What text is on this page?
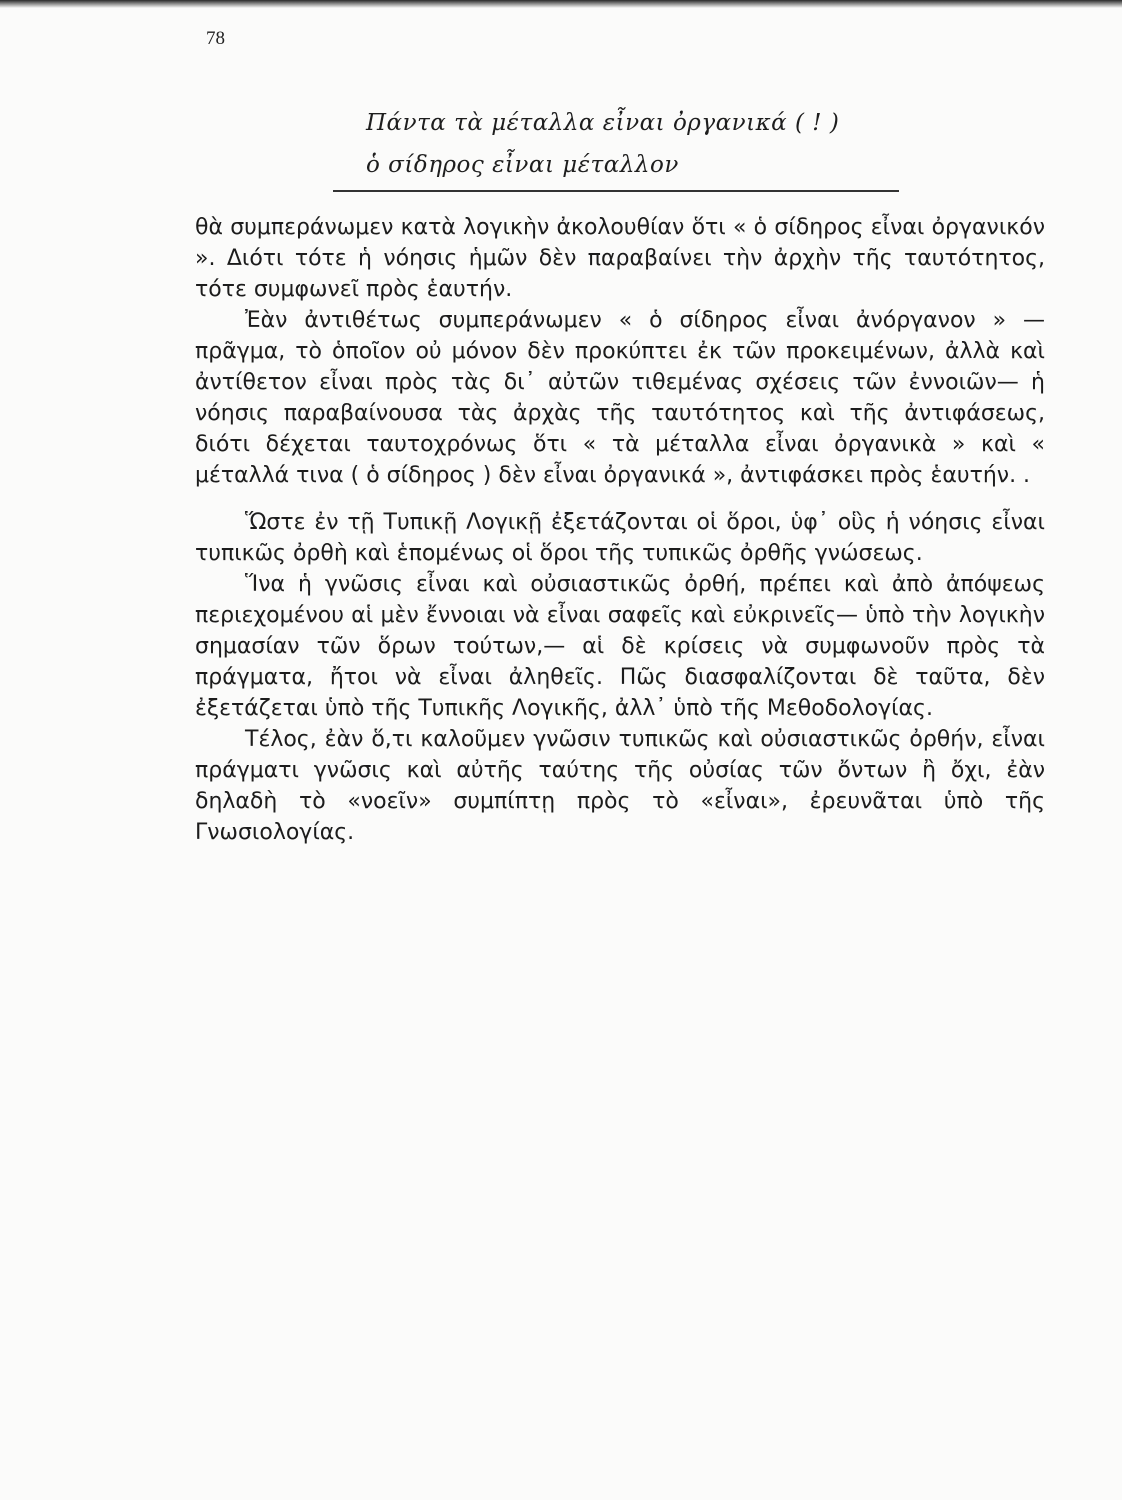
78
Πάντα τὰ μέταλλα εἶναι ὀργανικά ( ! )
ὁ σίδηρος εἶναι μέταλλον

θὰ συμπεράνωμεν κατὰ λογικὴν ἀκολουθίαν ὅτι « ὁ σίδηρος εἶναι ὀργανικόν ». Διότι τότε ἡ νόησις ἡμῶν δὲν παραβαίνει τὴν ἀρχὴν τῆς ταυτότητος, τότε συμφωνεῖ πρὸς ἑαυτήν.

Ἐὰν ἀντιθέτως συμπεράνωμεν « ὁ σίδηρος εἶναι ἀνόργανον » — πρᾶγμα, τὸ ὁποῖον οὐ μόνον δὲν προκύπτει ἐκ τῶν προκειμένων, ἀλλὰ καὶ ἀντίθετον εἶναι πρὸς τὰς δι᾽ αὐτῶν τιθεμένας σχέσεις τῶν ἐννοιῶν— ἡ νόησις παραβαίνουσα τὰς ἀρχὰς τῆς ταυτότητος καὶ τῆς ἀντιφάσεως, διότι δέχεται ταυτοχρόνως ὅτι « τὰ μέταλλα εἶναι ὀργανικὰ » καὶ « μέταλλά τινα ( ὁ σίδηρος ) δὲν εἶναι ὀργανικά », ἀντιφάσκει πρὸς ἑαυτήν. .

Ὥστε ἐν τῇ Τυπικῇ Λογικῇ ἐξετάζονται οἱ ὅροι, ὑφ᾽ οὓς ἡ νόησις εἶναι τυπικῶς ὀρθὴ καὶ ἑπομένως οἱ ὅροι τῆς τυπικῶς ὀρθῆς γνώσεως.

Ἵνα ἡ γνῶσις εἶναι καὶ οὐσιαστικῶς ὀρθή, πρέπει καὶ ἀπὸ ἀπόψεως περιεχομένου αἱ μὲν ἔννοιαι νὰ εἶναι σαφεῖς καὶ εὐκρινεῖς— ὑπὸ τὴν λογικὴν σημασίαν τῶν ὅρων τούτων,— αἱ δὲ κρίσεις νὰ συμφωνοῦν πρὸς τὰ πράγματα, ἤτοι νὰ εἶναι ἀληθεῖς. Πῶς διασφαλίζονται δὲ ταῦτα, δὲν ἐξετάζεται ὑπὸ τῆς Τυπικῆς Λογικῆς, ἀλλ᾽ ὑπὸ τῆς Μεθοδολογίας.

Τέλος, ἐὰν ὅ,τι καλοῦμεν γνῶσιν τυπικῶς καὶ οὐσιαστικῶς ὀρθήν, εἶναι πράγματι γνῶσις καὶ αὐτῆς ταύτης τῆς οὐσίας τῶν ὄντων ἢ ὄχι, ἐὰν δηλαδὴ τὸ «νοεῖν» συμπίπτῃ πρὸς τὸ «εἶναι», ἐρευνᾶται ὑπὸ τῆς Γνωσιολογίας.
